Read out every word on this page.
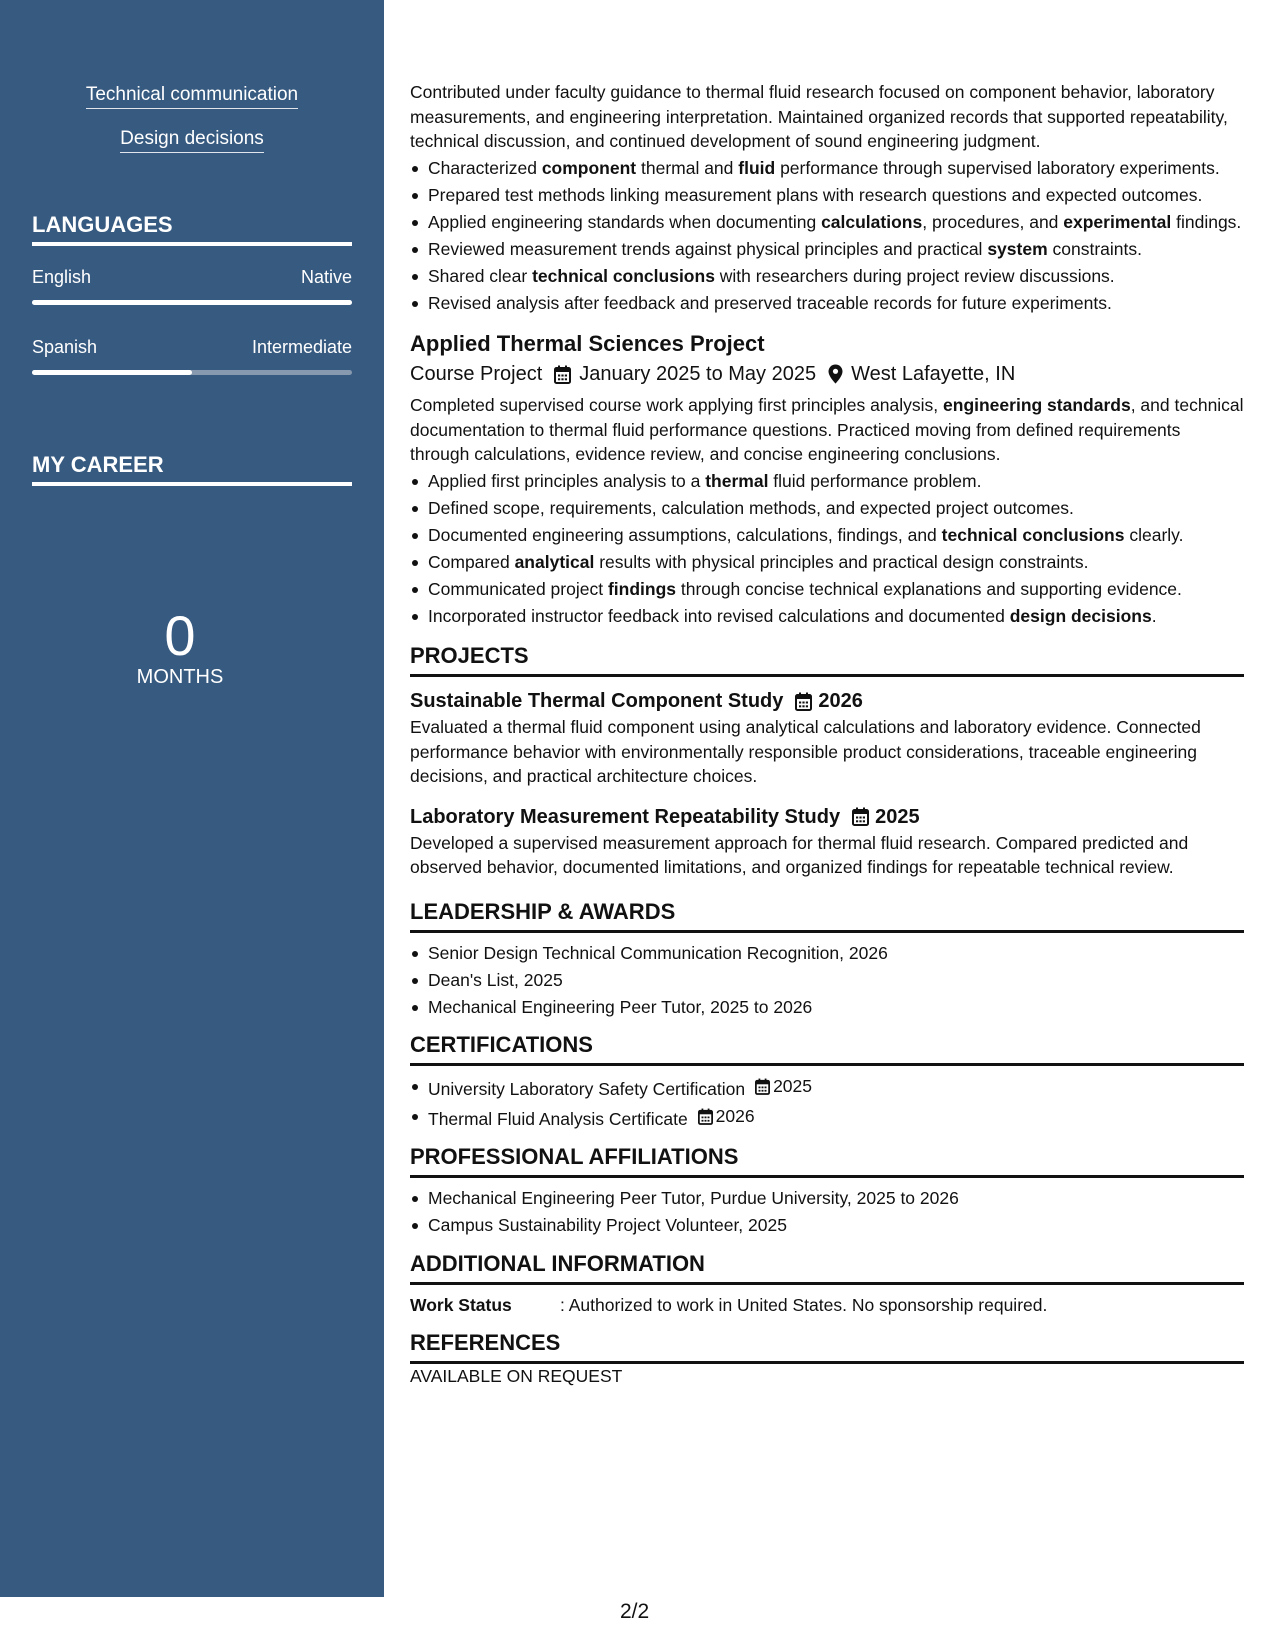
Technical communication
Design decisions
LANGUAGES
English	Native
Spanish	Intermediate
MY CAREER
0
MONTHS

Contributed under faculty guidance to thermal fluid research focused on component behavior, laboratory measurements, and engineering interpretation. Maintained organized records that supported repeatability, technical discussion, and continued development of sound engineering judgment.

Characterized component thermal and fluid performance through supervised laboratory experiments.
Prepared test methods linking measurement plans with research questions and expected outcomes.
Applied engineering standards when documenting calculations, procedures, and experimental findings.
Reviewed measurement trends against physical principles and practical system constraints.
Shared clear technical conclusions with researchers during project review discussions.
Revised analysis after feedback and preserved traceable records for future experiments.
Applied Thermal Sciences Project
Course Project January 2025 to May 2025 West Lafayette, IN

Completed supervised course work applying first principles analysis, engineering standards, and technical documentation to thermal fluid performance questions. Practiced moving from defined requirements through calculations, evidence review, and concise engineering conclusions.

Applied first principles analysis to a thermal fluid performance problem.
Defined scope, requirements, calculation methods, and expected project outcomes.
Documented engineering assumptions, calculations, findings, and technical conclusions clearly.
Compared analytical results with physical principles and practical design constraints.
Communicated project findings through concise technical explanations and supporting evidence.
Incorporated instructor feedback into revised calculations and documented design decisions.
PROJECTS
Sustainable Thermal Component Study 2026

Evaluated a thermal fluid component using analytical calculations and laboratory evidence. Connected performance behavior with environmentally responsible product considerations, traceable engineering decisions, and practical architecture choices.

Laboratory Measurement Repeatability Study 2025

Developed a supervised measurement approach for thermal fluid research. Compared predicted and observed behavior, documented limitations, and organized findings for repeatable technical review.

LEADERSHIP & AWARDS
Senior Design Technical Communication Recognition, 2026
Dean's List, 2025
Mechanical Engineering Peer Tutor, 2025 to 2026
CERTIFICATIONS
University Laboratory Safety Certification 2025
Thermal Fluid Analysis Certificate 2026
PROFESSIONAL AFFILIATIONS
Mechanical Engineering Peer Tutor, Purdue University, 2025 to 2026
Campus Sustainability Project Volunteer, 2025
ADDITIONAL INFORMATION
Work Status	: Authorized to work in United States. No sponsorship required.
REFERENCES

AVAILABLE ON REQUEST

2/2
